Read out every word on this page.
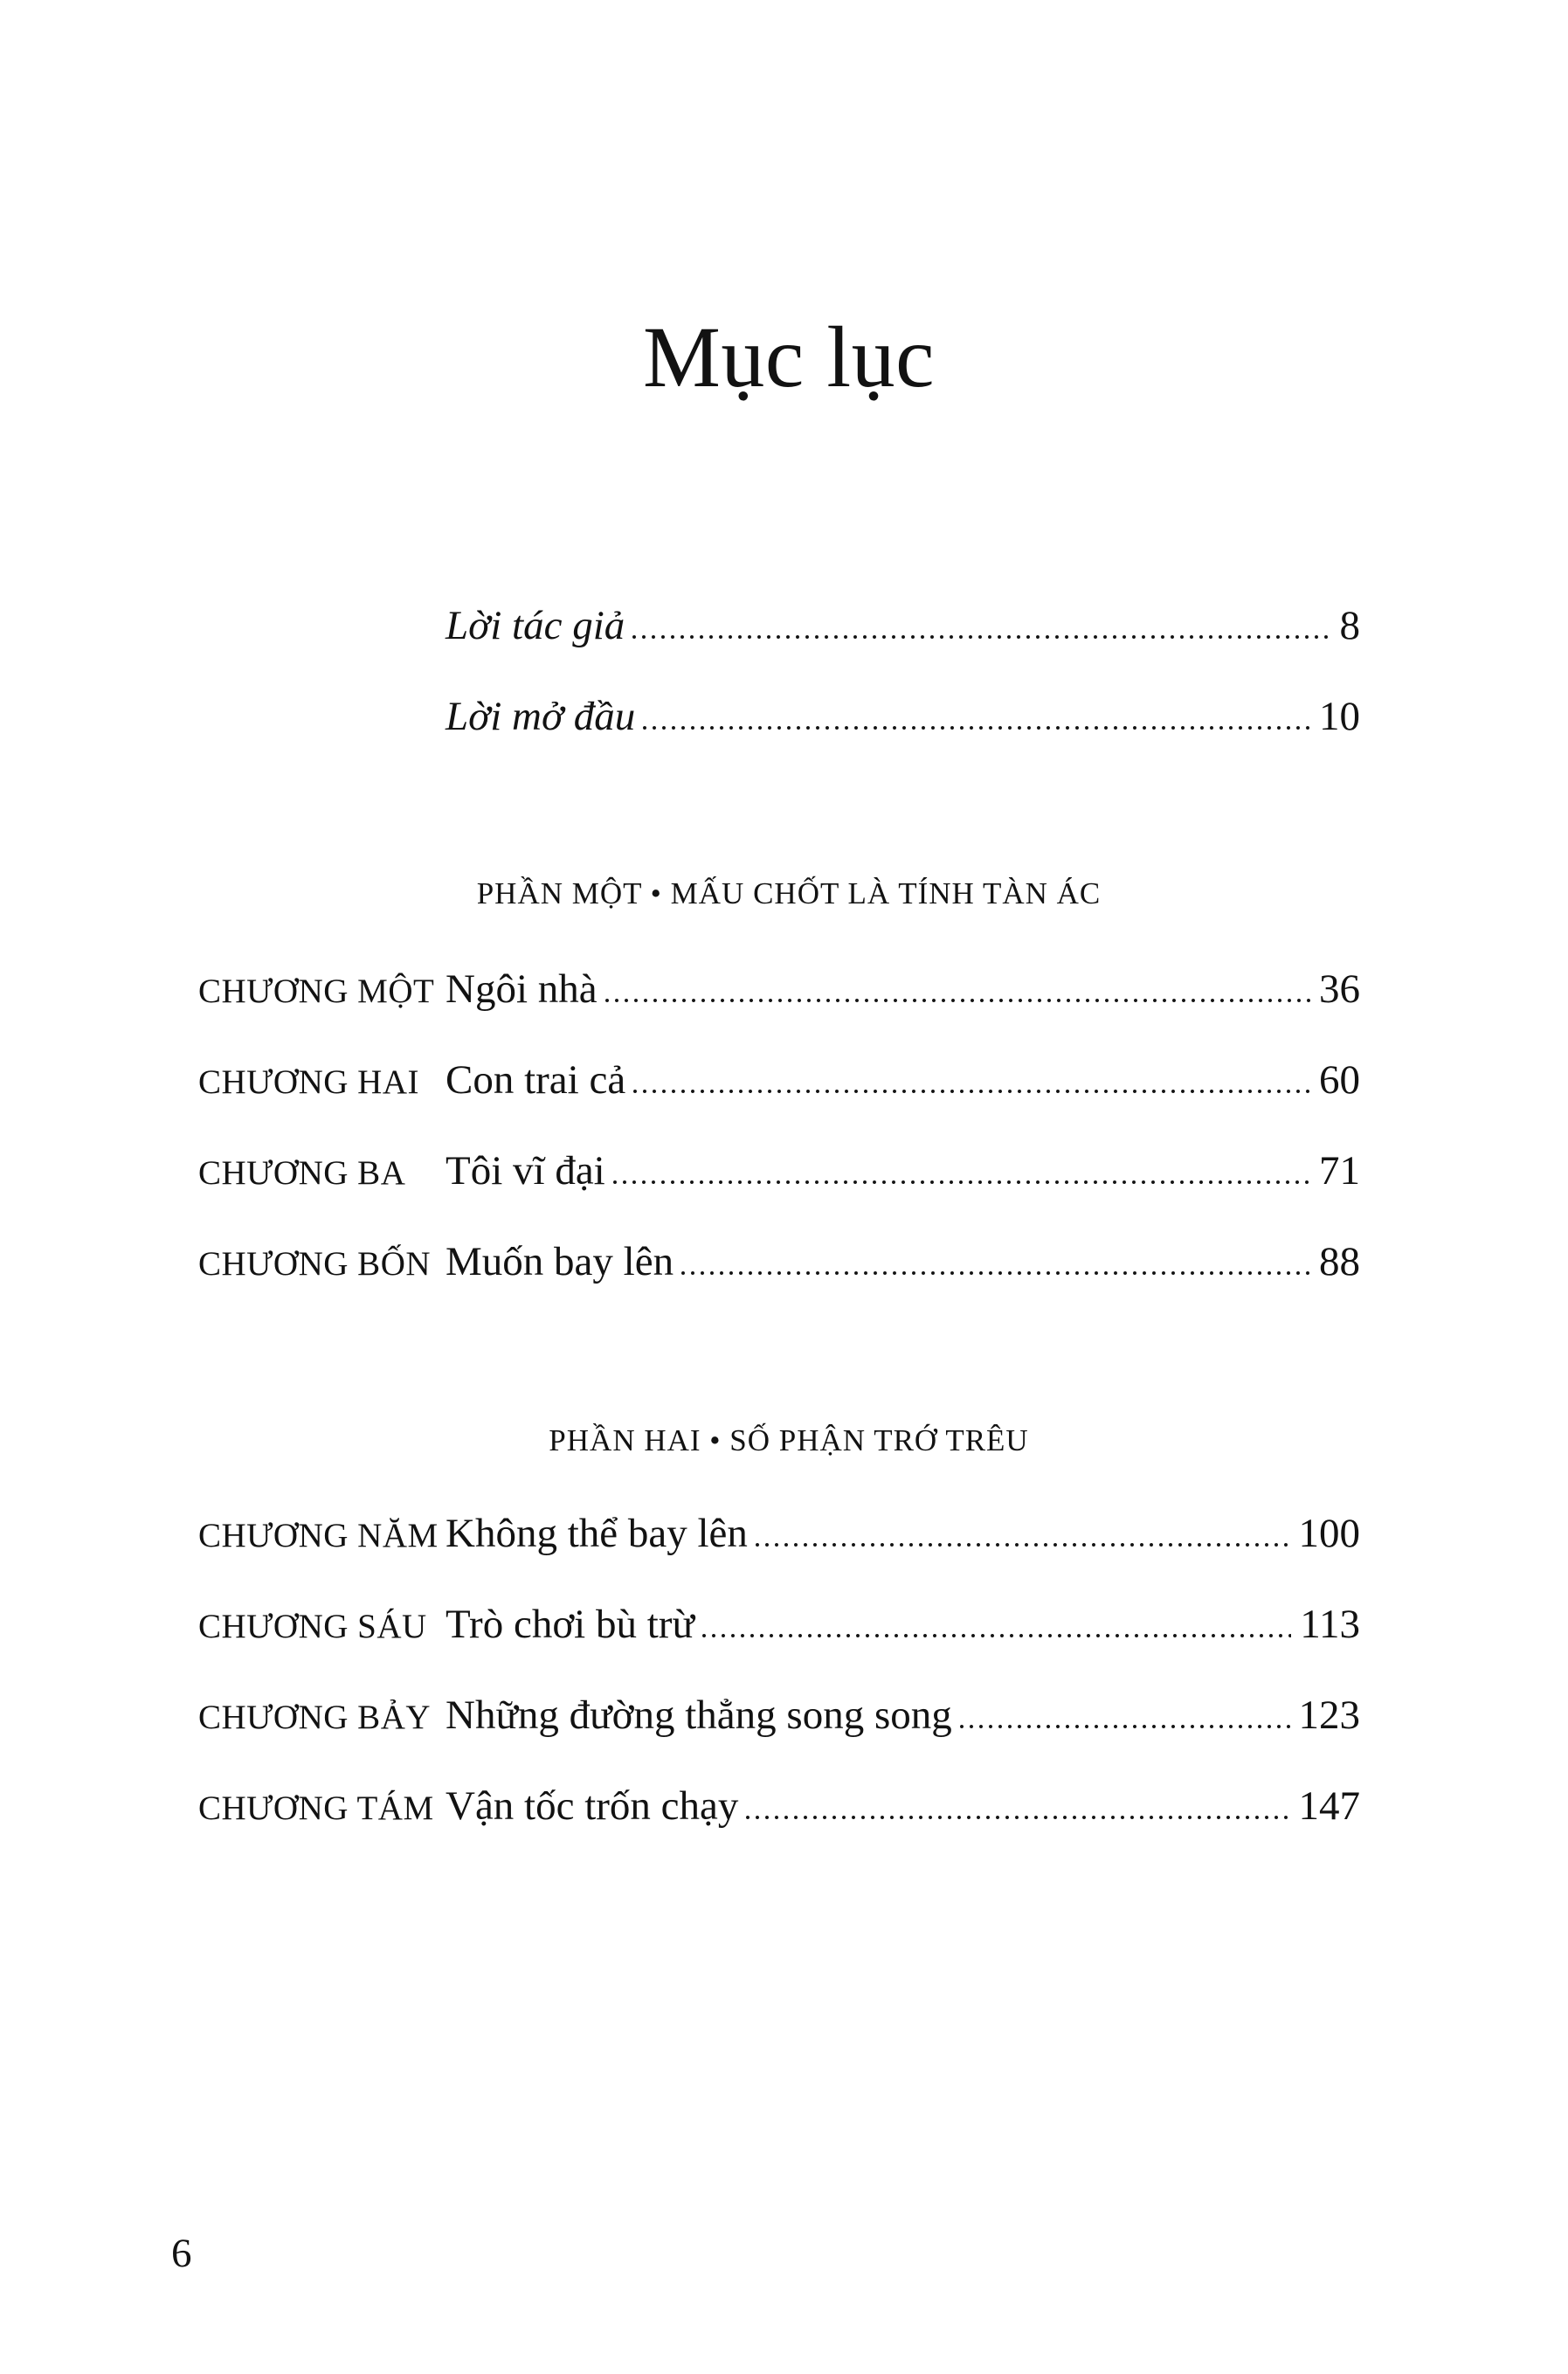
Mục lục
Lời tác giả	8
Lời mở đầu	10
PHẦN MỘT • MẤU CHỐT LÀ TÍNH TÀN ÁC
CHƯƠNG MỘT Ngôi nhà	36
CHƯƠNG HAI Con trai cả	60
CHƯƠNG BA Tôi vĩ đại	71
CHƯƠNG BỐN Muốn bay lên	88
PHẦN HAI • SỐ PHẬN TRỚ TRÊU
CHƯƠNG NĂM Không thể bay lên	100
CHƯƠNG SÁU Trò chơi bù trừ	113
CHƯƠNG BẢY Những đường thẳng song song	123
CHƯƠNG TÁM Vận tốc trốn chạy	147
6
